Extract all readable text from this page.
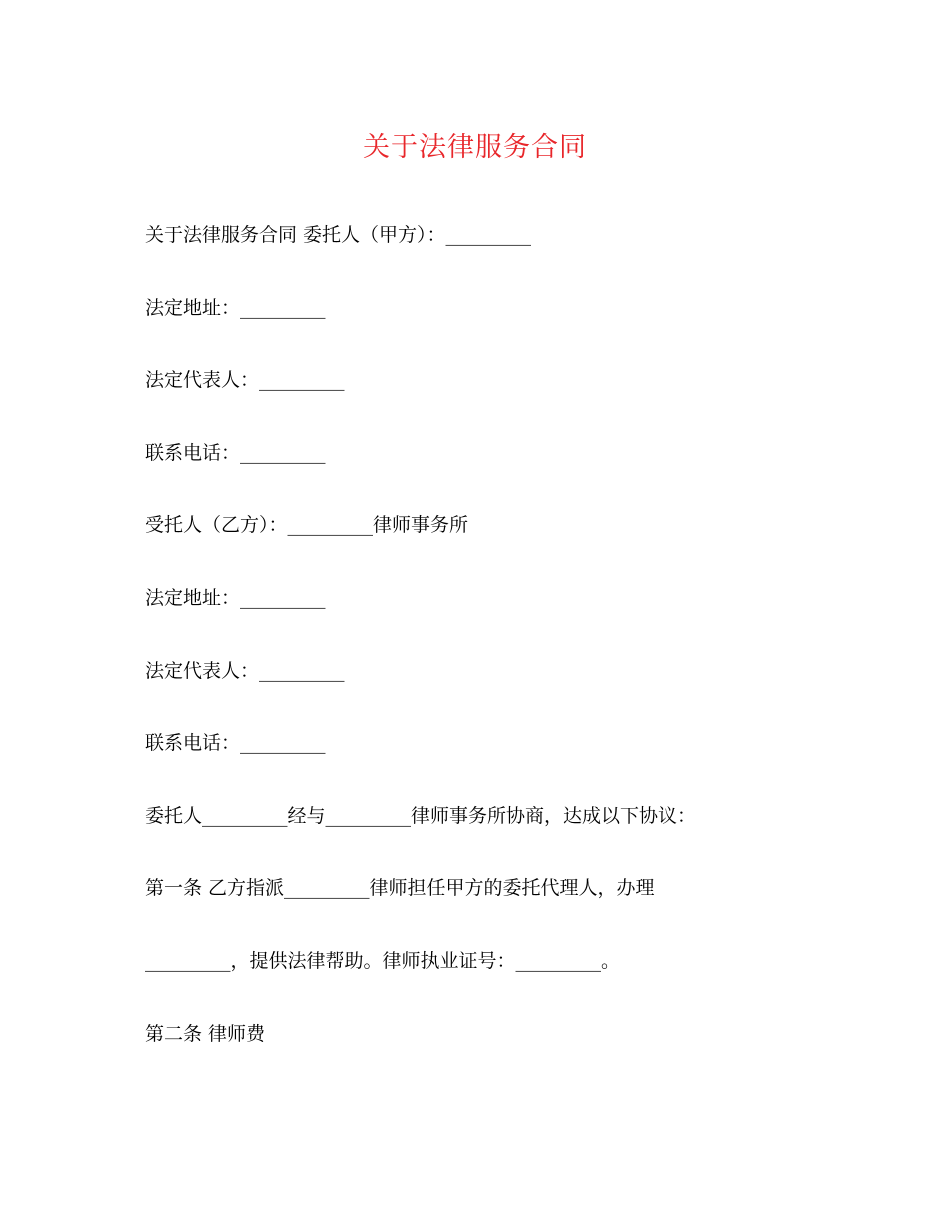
关于法律服务合同
关于法律服务合同 委托人（甲方）：_________
法定地址：_________
法定代表人：_________
联系电话：_________
受托人（乙方）：_________律师事务所
法定地址：_________
法定代表人：_________
联系电话：_________
委托人_________经与_________律师事务所协商，达成以下协议：
第一条 乙方指派_________律师担任甲方的委托代理人，办理
_________，提供法律帮助。律师执业证号：_________。
第二条 律师费
